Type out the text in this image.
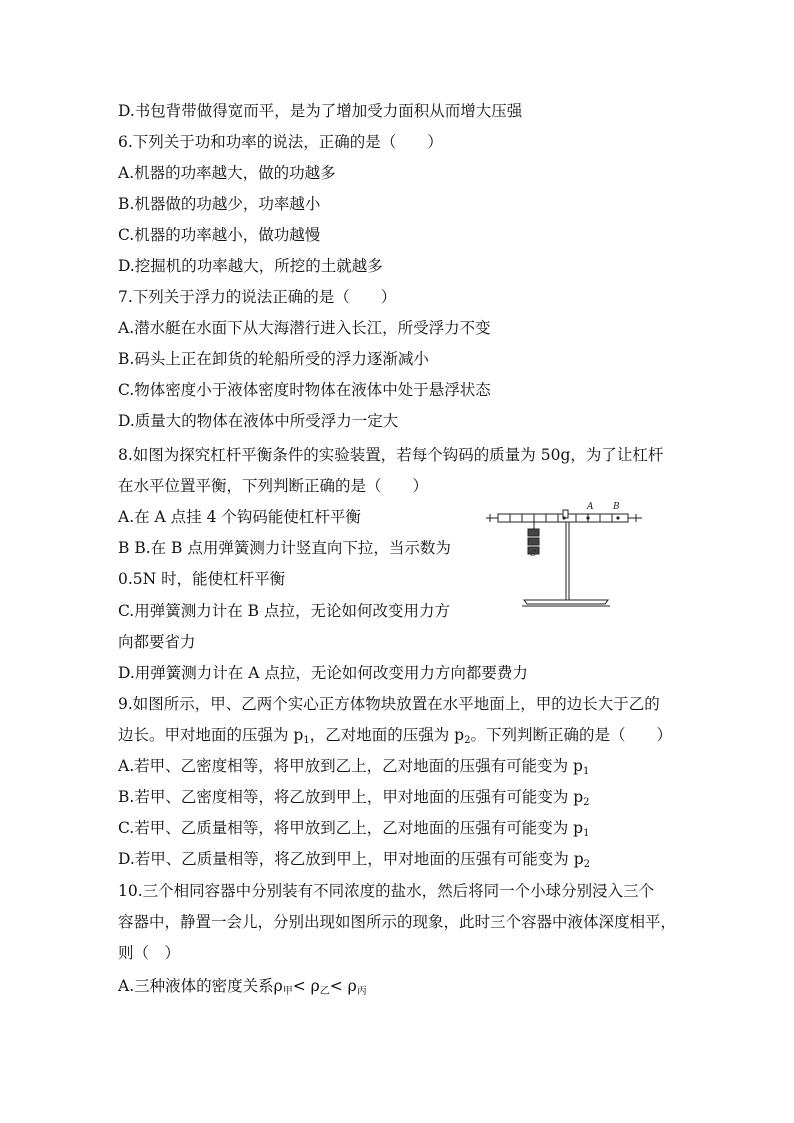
D.书包背带做得宽而平，是为了增加受力面积从而增大压强
6.下列关于功和功率的说法，正确的是（　　）
A.机器的功率越大，做的功越多
B.机器做的功越少，功率越小
C.机器的功率越小，做功越慢
D.挖掘机的功率越大，所挖的土就越多
7.下列关于浮力的说法正确的是（　　）
A.潜水艇在水面下从大海潜行进入长江，所受浮力不变
B.码头上正在卸货的轮船所受的浮力逐渐减小
C.物体密度小于液体密度时物体在液体中处于悬浮状态
D.质量大的物体在液体中所受浮力一定大
8.如图为探究杠杆平衡条件的实验装置，若每个钩码的质量为 50g，为了让杠杆
在水平位置平衡，下列判断正确的是（　　）
A.在 A 点挂 4 个钩码能使杠杆平衡
B B.在 B 点用弹簧测力计竖直向下拉，当示数为
0.5N 时，能使杠杆平衡
C.用弹簧测力计在 B 点拉，无论如何改变用力方
向都要省力
D.用弹簧测力计在 A 点拉，无论如何改变用力方向都要费力
A B
C
9.如图所示，甲、乙两个实心正方体物块放置在水平地面上，甲的边长大于乙的
边长。甲对地面的压强为 $p_1$，乙对地面的压强为 $p_2$。下列判断正确的是（　　）
A.若甲、乙密度相等，将甲放到乙上，乙对地面的压强有可能变为 $p_1$
B.若甲、乙密度相等，将乙放到甲上，甲对地面的压强有可能变为 $p_2$
C.若甲、乙质量相等，将甲放到乙上，乙对地面的压强有可能变为 $p_1$
D.若甲、乙质量相等，将乙放到甲上，甲对地面的压强有可能变为 $p_2$
10.三个相同容器中分别装有不同浓度的盐水，然后将同一个小球分别浸入三个
容器中，静置一会儿，分别出现如图所示的现象，此时三个容器中液体深度相平，
则（　）
A.三种液体的密度关系$\rho_甲< \rho_乙< \rho_丙$
